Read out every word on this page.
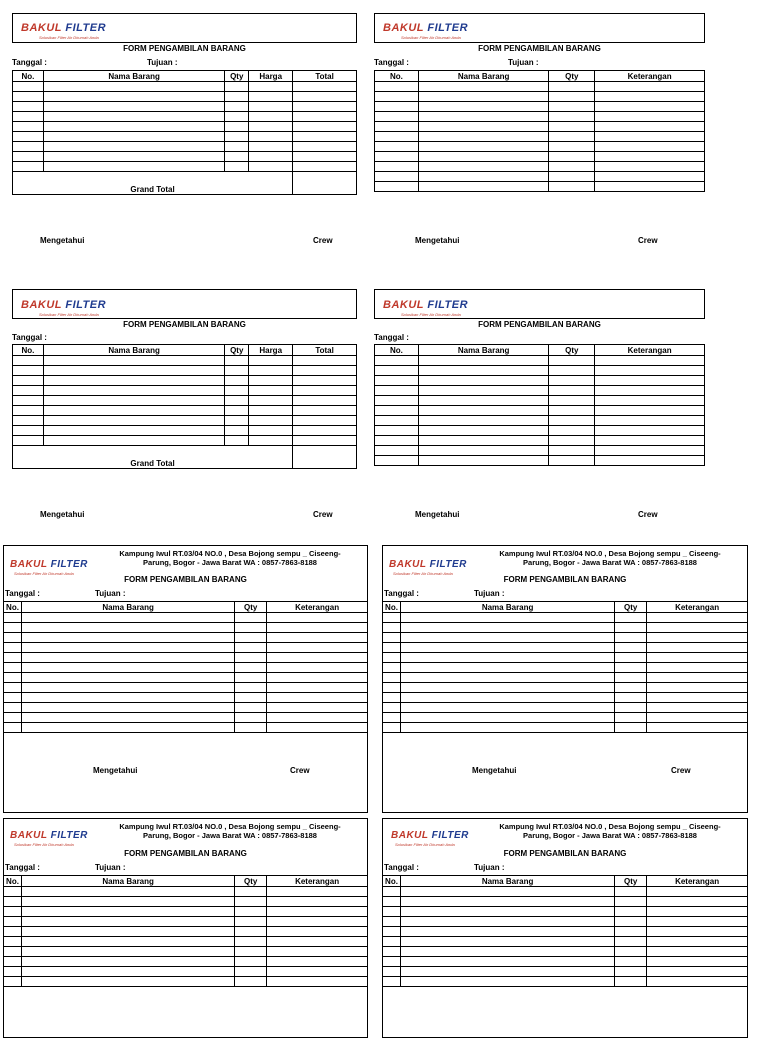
BAKUL FILTER
Solusikan Filter Air Dirumah Anda
FORM PENGAMBILAN BARANG
Tanggal :	Tujuan :
No.	Nama Barang	Qty	Harga	Total

Grand Total				
Mengetahui	Crew
BAKUL FILTER
Solusikan Filter Air Dirumah Anda
FORM PENGAMBILAN BARANG
Tanggal :	Tujuan :
No.	Nama Barang	Qty	Keterangan

Mengetahui	Crew
BAKUL FILTER
Solusikan Filter Air Dirumah Anda
FORM PENGAMBILAN BARANG
Tanggal :
No.	Nama Barang	Qty	Harga	Total

Grand Total				
Mengetahui	Crew
BAKUL FILTER
Solusikan Filter Air Dirumah Anda
FORM PENGAMBILAN BARANG
Tanggal :
No.	Nama Barang	Qty	Keterangan

Mengetahui	Crew
BAKUL FILTER
Solusikan Filter Air Dirumah Anda
Kampung Iwul RT.03/04 NO.0 , Desa Bojong sempu _ Ciseeng-
Parung, Bogor - Jawa Barat WA : 0857-7863-8188
FORM PENGAMBILAN BARANG
Tanggal :	Tujuan :
No.	Nama Barang	Qty	Keterangan

Mengetahui	Crew
BAKUL FILTER
Solusikan Filter Air Dirumah Anda
Kampung Iwul RT.03/04 NO.0 , Desa Bojong sempu _ Ciseeng-
Parung, Bogor - Jawa Barat WA : 0857-7863-8188
FORM PENGAMBILAN BARANG
Tanggal :	Tujuan :
No.	Nama Barang	Qty	Keterangan

Mengetahui	Crew
BAKUL FILTER
Solusikan Filter Air Dirumah Anda
Kampung Iwul RT.03/04 NO.0 , Desa Bojong sempu _ Ciseeng-
Parung, Bogor - Jawa Barat WA : 0857-7863-8188
FORM PENGAMBILAN BARANG
Tanggal :	Tujuan :
No.	Nama Barang	Qty	Keterangan

BAKUL FILTER
Solusikan Filter Air Dirumah Anda
Kampung Iwul RT.03/04 NO.0 , Desa Bojong sempu _ Ciseeng-
Parung, Bogor - Jawa Barat WA : 0857-7863-8188
FORM PENGAMBILAN BARANG
Tanggal :	Tujuan :
No.	Nama Barang	Qty	Keterangan
